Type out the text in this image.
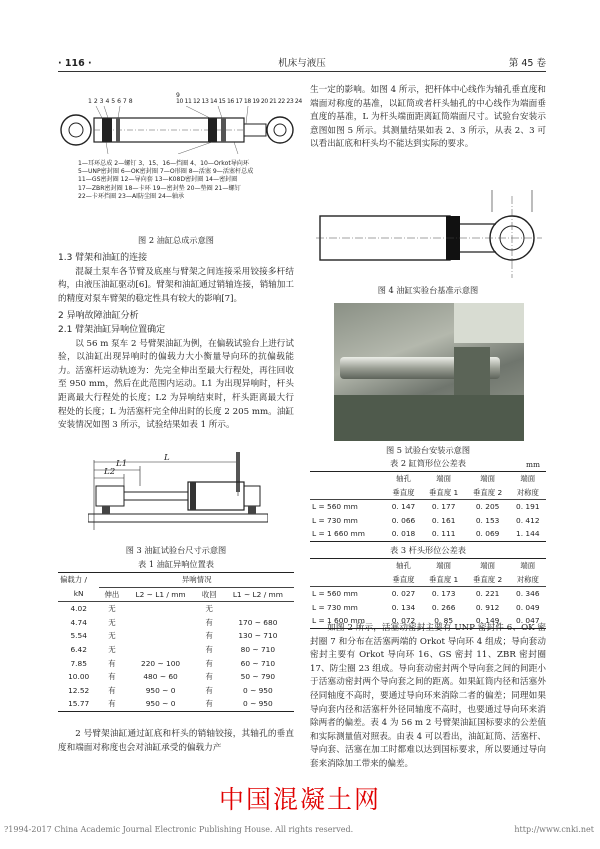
· 116 ·	机床与液压	第 45 卷
1 2 3 4 5 6 7 8
9
10 11 12 13 14 15 16 17 18 19 20 21 22 23 24
1—耳环总成 2—螺钉 3、15、16—挡圈 4、10—Orkot导向环
5—UNP密封圈 6—OK密封圈 7—O形圈 8—活塞 9—活塞杆总成
11—GS密封圈 12—导向套 13—K08D密封圈 14—密封圈
17—ZBR密封圈 18—卡环 19—密封垫 20—垫圈 21—螺钉
22—卡环挡圈 23—Al防尘圈 24—轴承
图 2 油缸总成示意图
1.3 臂架和油缸的连接

混凝土泵车各节臂及底座与臂架之间连接采用铰接多杆结构，由液压油缸驱动[6]。臂架和油缸通过销轴连接，销轴加工的精度对泵车臂架的稳定性具有较大的影响[7]。

2 异响故障油缸分析
2.1 臂架油缸异响位置确定

以 56 m 泵车 2 号臂架油缸为例，在偏载试验台上进行试验，以油缸出现异响时的偏载力大小衡量导向环的抗偏载能力。活塞杆运动轨迹为：先完全伸出至最大行程处，再往回收至 950 mm，然后在此范围内运动。L1 为出现异响时，杆头距离最大行程处的长度；L2 为异响结束时，杆头距离最大行程处的长度；L 为活塞杆完全伸出时的长度 2 205 mm。油缸安装情况如图 3 所示，试验结果如表 1 所示。

L
L1
L2
图 3 油缸试验台尺寸示意图
表 1 油缸异响位置表
偏载力 /	异响情况			
kN	伸出	L2 ~ L1 / mm	收回	L1 ~ L2 / mm
4.02	无		无	
4.74	无		有	170 ~ 680
5.54	无		有	130 ~ 710
6.42	无		有	80 ~ 710
7.85	有	220 ~ 100	有	60 ~ 710
10.00	有	480 ~ 60	有	50 ~ 790
12.52	有	950 ~ 0	有	0 ~ 950
15.77	有	950 ~ 0	有	0 ~ 950

2 号臂架油缸通过缸底和杆头的销轴铰接，其轴孔的垂直度和端面对称度也会对油缸承受的偏载力产

生一定的影响。如图 4 所示，把杆体中心线作为轴孔垂直度和端面对称度的基准，以缸筒或者杆头轴孔的中心线作为端面垂直度的基准，L 为杆头端面距离缸筒端面尺寸。试验台安装示意图如图 5 所示。其测量结果如表 2、3 所示，从表 2、3 可以看出缸底和杆头均不能达到实际的要求。

图 4 油缸实验台基准示意图
图 5 试验台安装示意图
表 2 缸筒形位公差表	mm
	轴孔	端面	端面	端面
	垂直度	垂直度 1	垂直度 2	对称度
L = 560 mm	0. 147	0. 177	0. 205	0. 191
L = 730 mm	0. 066	0. 161	0. 153	0. 412
L = 1 660 mm	0. 018	0. 111	0. 069	1. 144
表 3 杆头形位公差表
	轴孔	端面	端面	端面
	垂直度	垂直度 1	垂直度 2	对称度
L = 560 mm	0. 027	0. 173	0. 221	0. 346
L = 730 mm	0. 134	0. 266	0. 912	0. 049
L = 1 600 mm	0. 072	0. 85	0. 149	0. 047

如图 2 所示，活塞动密封主要有 UNP 密封件 6、OK 密封圈 7 和分布在活塞两端的 Orkot 导向环 4 组成；导向套动密封主要有 Orkot 导向环 16、GS 密封 11、ZBR 密封圈 17、防尘圈 23 组成。导向套动密封两个导向套之间的间距小于活塞动密封两个导向套之间的距离。如果缸筒内径和活塞外径同轴度不高时，要通过导向环来消除二者的偏差；同理如果导向套内径和活塞杆外径同轴度不高时，也要通过导向环来消除两者的偏差。表 4 为 56 m 2 号臂架油缸国标要求的公差值和实际测量值对照表。由表 4 可以看出，油缸缸筒、活塞杆、导向套、活塞在加工时都难以达到国标要求，所以要通过导向套来消除加工带来的偏差。

中国混凝土网
?1994-2017 China Academic Journal Electronic Publishing House. All rights reserved.	http://www.cnki.net
